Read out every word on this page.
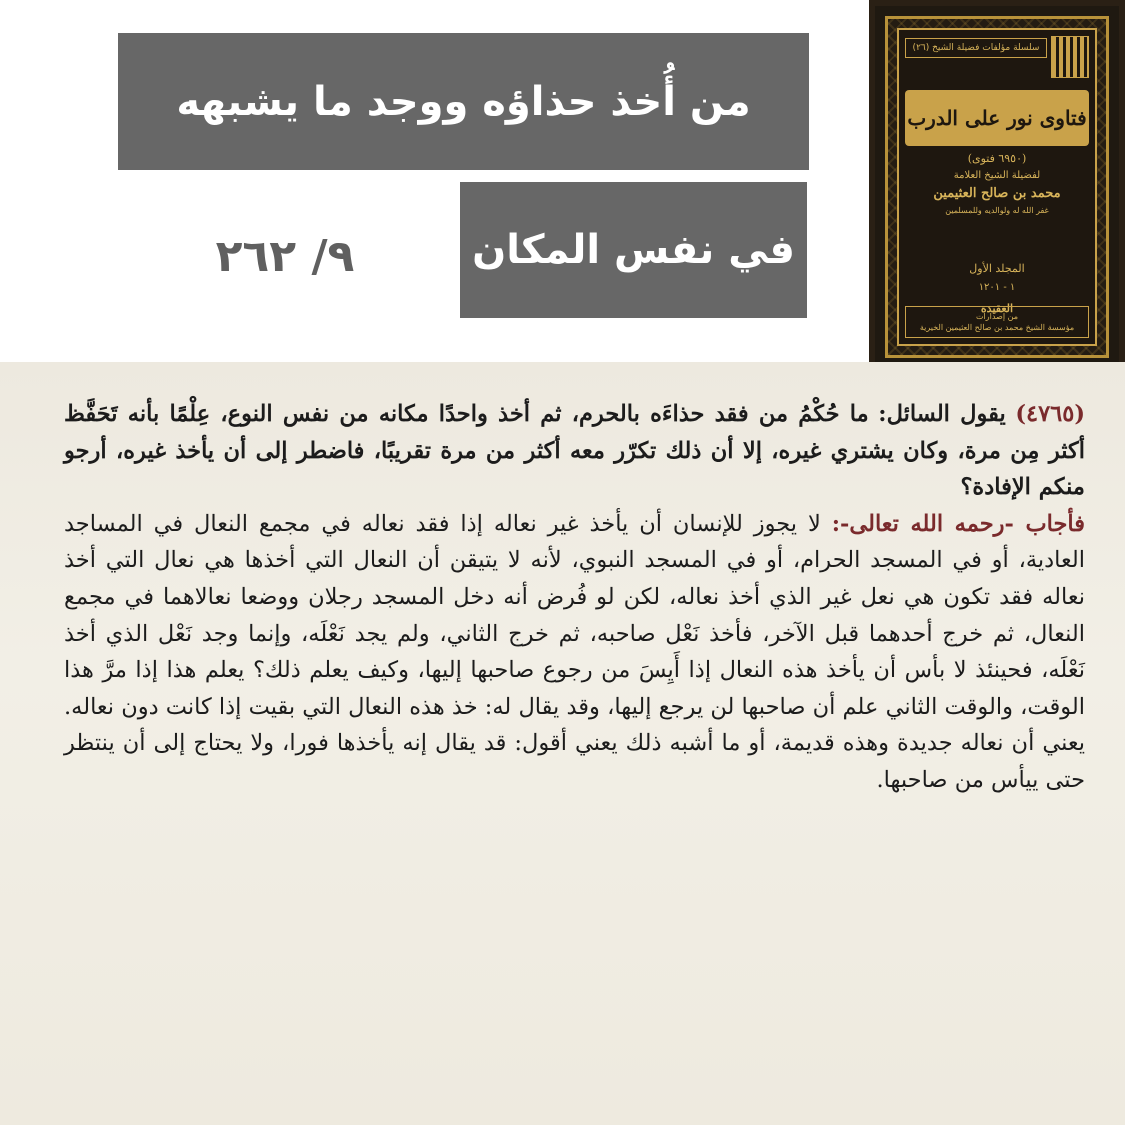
من أُخذ حذاؤه ووجد ما يشبهه
في نفس المكان
٩/ ٢٦٢
سلسلة مؤلفات فضيلة الشيخ (٢٦)
فتاوى نور على الدرب
(٦٩٥٠ فتوى)
لفضيلة الشيخ العلامة
محمد بن صالح العثيمين
غفر الله له ولوالديه وللمسلمين
المجلد الأول
١ - ١٢٠١
العقيدة
من إصدارات
مؤسسة الشيخ محمد بن صالح العثيمين الخيرية

(٤٧٦٥) يقول السائل: ما حُكْمُ من فقد حذاءَه بالحرم، ثم أخذ واحدًا مكانه من نفس النوع، عِلْمًا بأنه تَحَفَّظ أكثر مِن مرة، وكان يشتري غيره، إلا أن ذلك تكرّر معه أكثر من مرة تقريبًا، فاضطر إلى أن يأخذ غيره، أرجو منكم الإفادة؟

فأجاب -رحمه الله تعالى-: لا يجوز للإنسان أن يأخذ غير نعاله إذا فقد نعاله في مجمع النعال في المساجد العادية، أو في المسجد الحرام، أو في المسجد النبوي، لأنه لا يتيقن أن النعال التي أخذها هي نعال التي أخذ نعاله فقد تكون هي نعل غير الذي أخذ نعاله، لكن لو فُرض أنه دخل المسجد رجلان ووضعا نعالاهما في مجمع النعال، ثم خرج أحدهما قبل الآخر، فأخذ نَعْل صاحبه، ثم خرج الثاني، ولم يجد نَعْلَه، وإنما وجد نَعْل الذي أخذ نَعْلَه، فحينئذ لا بأس أن يأخذ هذه النعال إذا أَيِسَ من رجوع صاحبها إليها، وكيف يعلم ذلك؟ يعلم هذا إذا مرَّ هذا الوقت، والوقت الثاني علم أن صاحبها لن يرجع إليها، وقد يقال له: خذ هذه النعال التي بقيت إذا كانت دون نعاله. يعني أن نعاله جديدة وهذه قديمة، أو ما أشبه ذلك يعني أقول: قد يقال إنه يأخذها فورا، ولا يحتاج إلى أن ينتظر حتى ييأس من صاحبها.
